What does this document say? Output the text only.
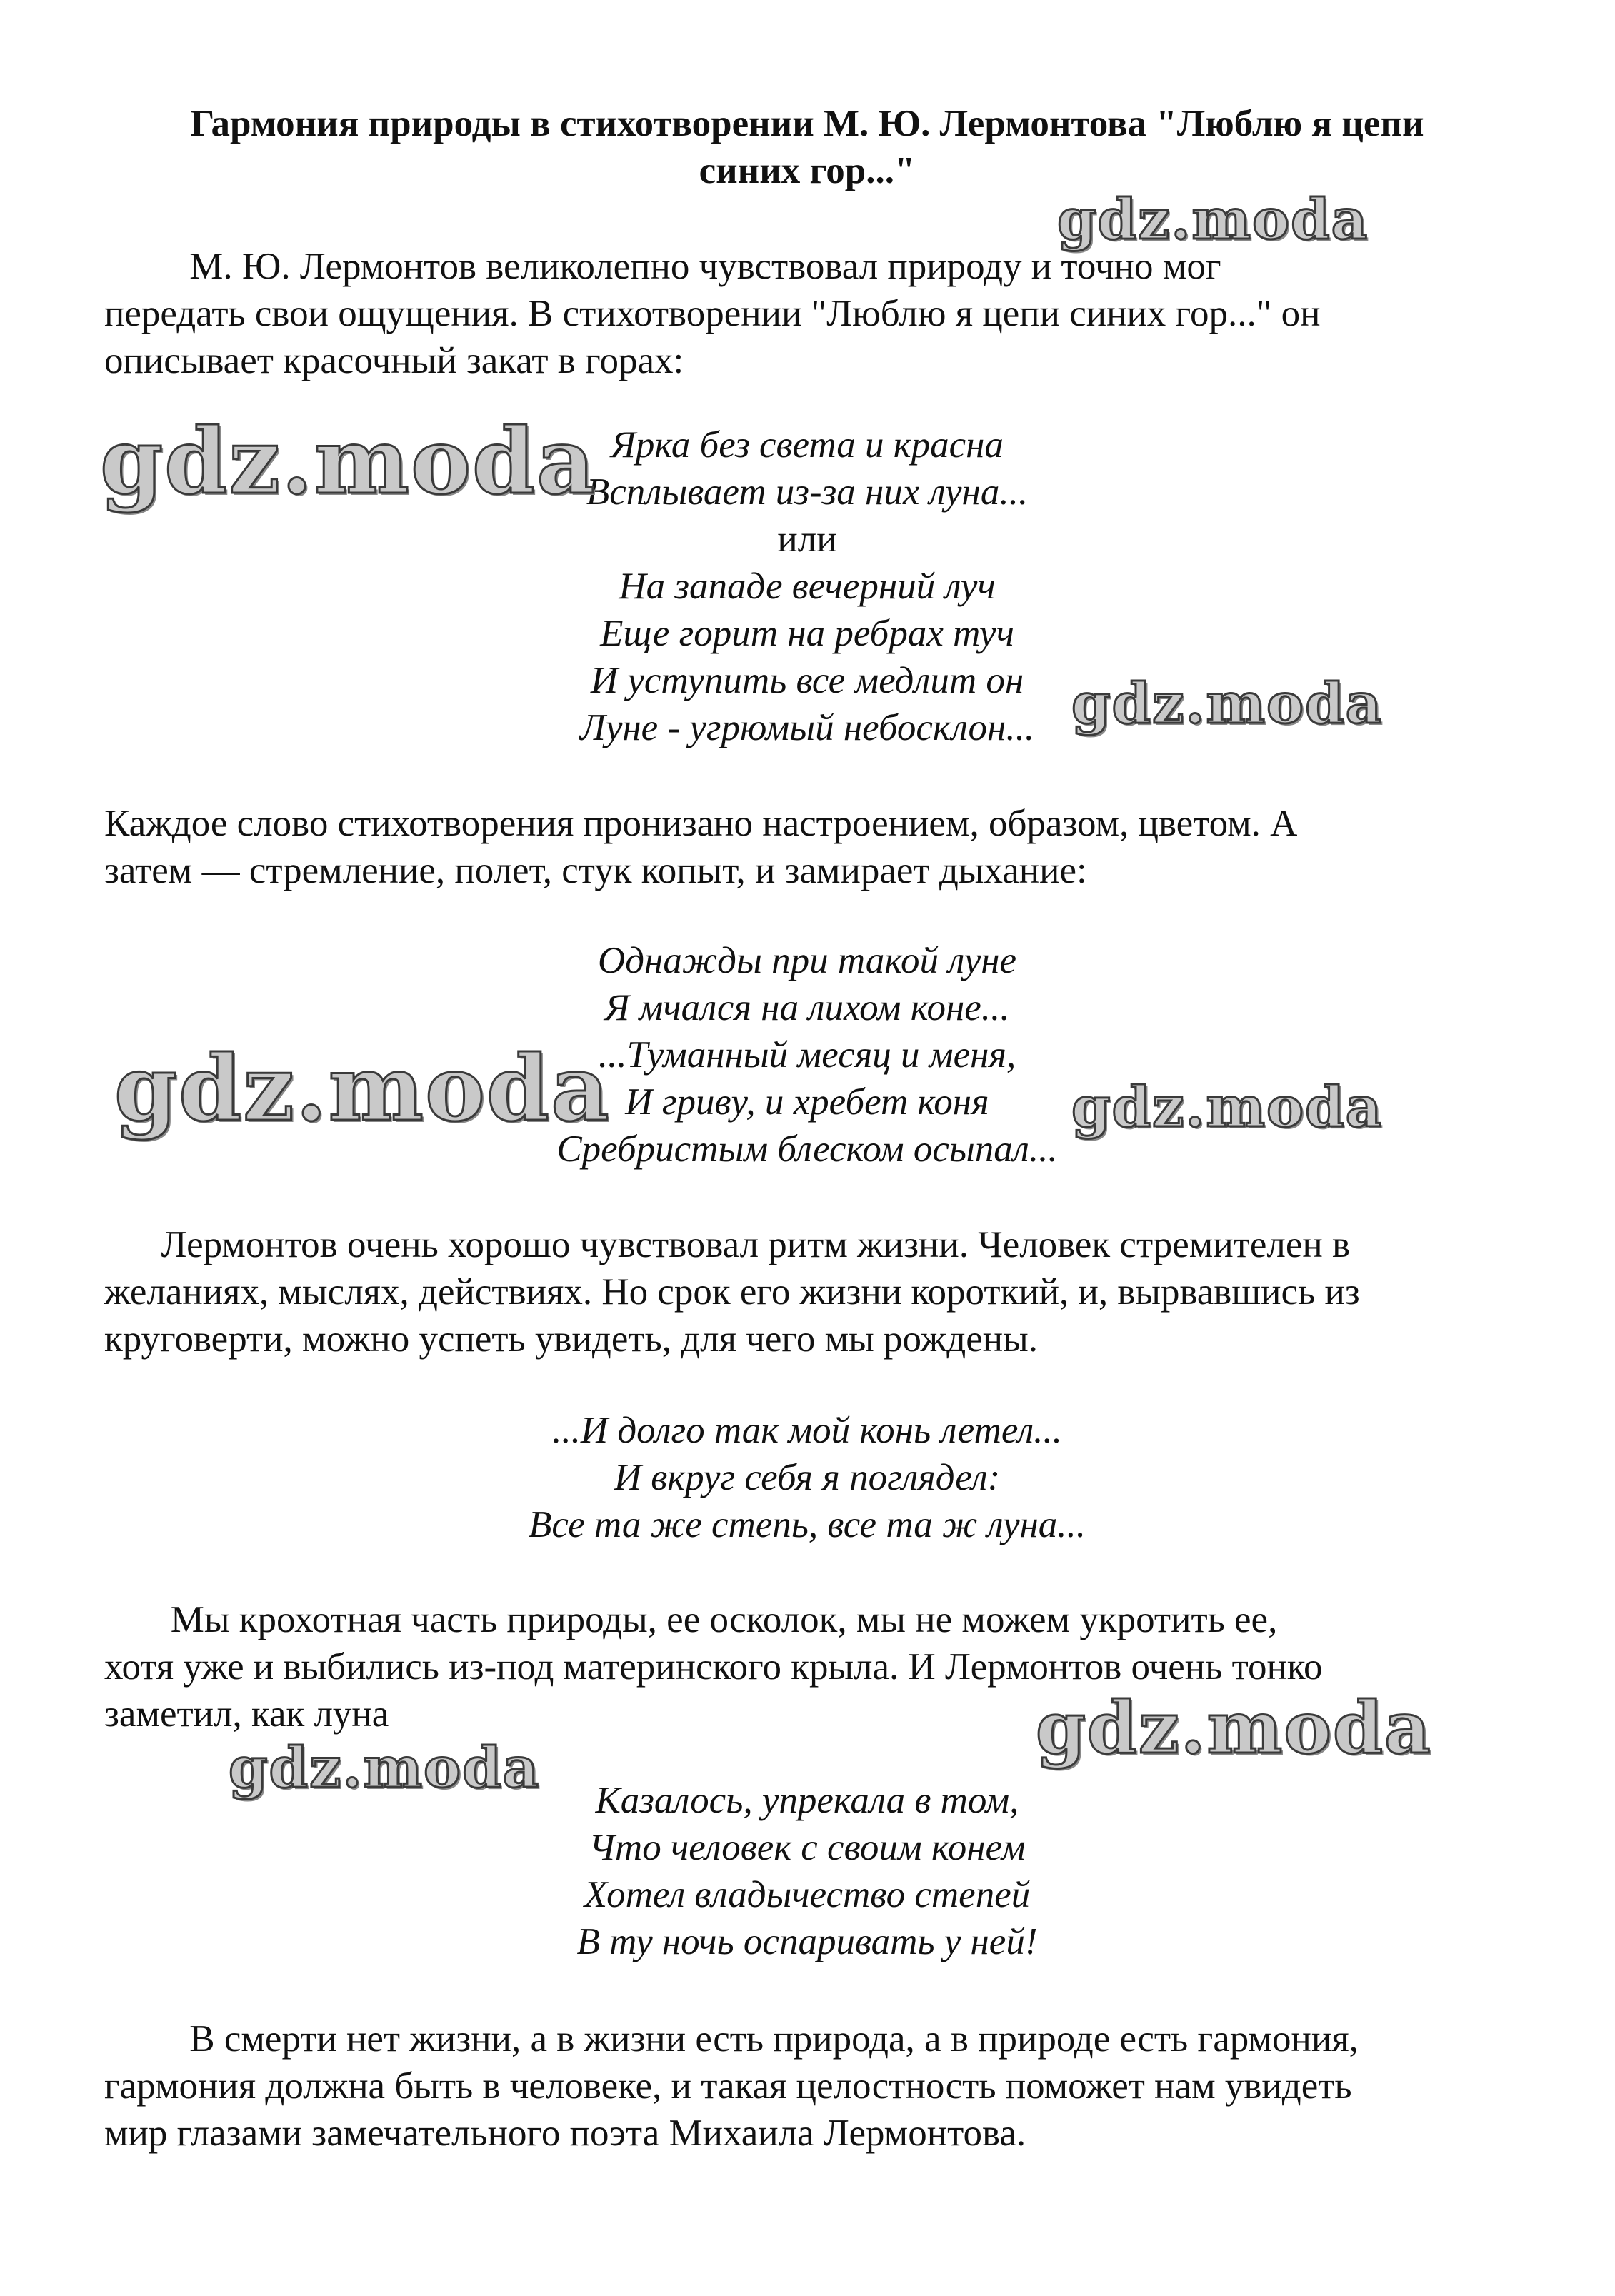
Гармония природы в стихотворении М. Ю. Лермонтова "Люблю я цепи
синих гор..."
М. Ю. Лермонтов великолепно чувствовал природу и точно мог
передать свои ощущения. В стихотворении "Люблю я цепи синих гор..." он
описывает красочный закат в горах:
Ярка без света и красна
Всплывает из-за них луна...
или
На западе вечерний луч
Еще горит на ребрах туч
И уступить все медлит он
Луне - угрюмый небосклон...
Каждое слово стихотворения пронизано настроением, образом, цветом. А
затем — стремление, полет, стук копыт, и замирает дыхание:
Однажды при такой луне
Я мчался на лихом коне...
...Туманный месяц и меня,
И гриву, и хребет коня
Сребристым блеском осыпал...
Лермонтов очень хорошо чувствовал ритм жизни. Человек стремителен в
желаниях, мыслях, действиях. Но срок его жизни короткий, и, вырвавшись из
круговерти, можно успеть увидеть, для чего мы рождены.
...И долго так мой конь летел...
И вкруг себя я поглядел:
Все та же степь, все та ж луна...
Мы крохотная часть природы, ее осколок, мы не можем укротить ее,
хотя уже и выбились из-под материнского крыла. И Лермонтов очень тонко
заметил, как луна
Казалось, упрекала в том,
Что человек с своим конем
Хотел владычество степей
В ту ночь оспаривать у ней!
В смерти нет жизни, а в жизни есть природа, а в природе есть гармония,
гармония должна быть в человеке, и такая целостность поможет нам увидеть
мир глазами замечательного поэта Михаила Лермонтова.
gdz.moda
gdz.moda
gdz.moda
gdz.moda	gdz.moda
gdz.moda
gdz.moda
